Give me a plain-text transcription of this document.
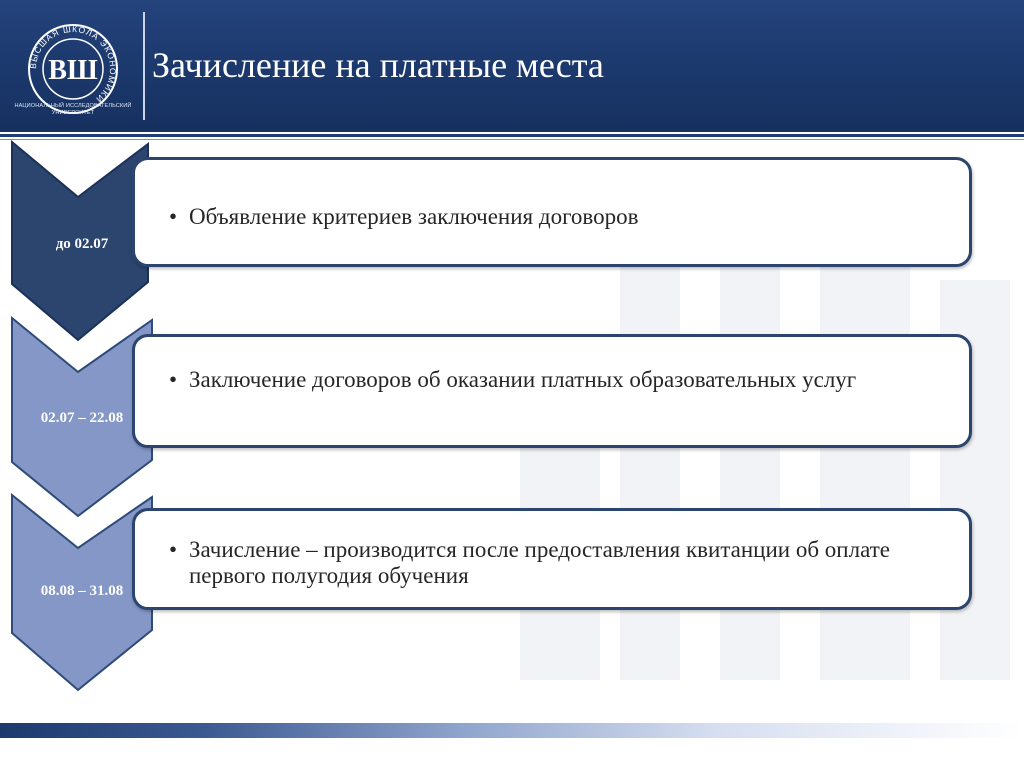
ВЫСШАЯ ШКОЛА ЭКОНОМИКИ
ВШ
НАЦИОНАЛЬНЫЙ ИССЛЕДОВАТЕЛЬСКИЙ
УНИВЕРСИТЕТ
Зачисление на платные места
• Объявление критериев заключения договоров
до 02.07
• Заключение договоров об оказании платных образовательных услуг
02.07 – 22.08
• Зачисление – производится после предоставления квитанции об оплате первого полугодия обучения
08.08 – 31.08
